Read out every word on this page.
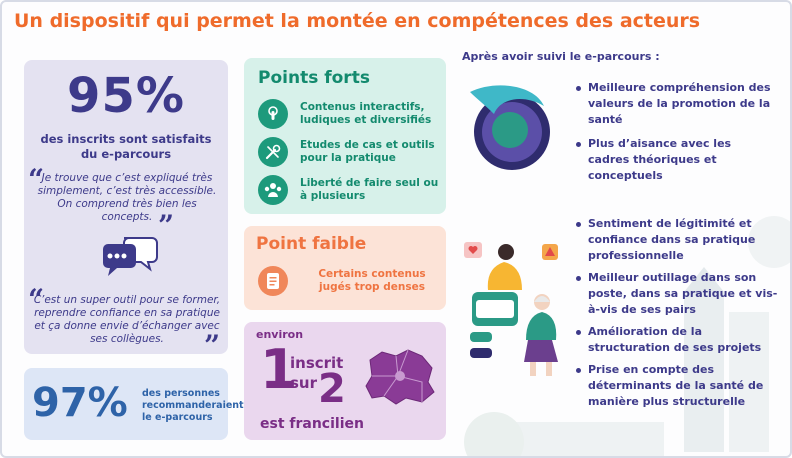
Un dispositif qui permet la montée en compétences des acteurs
95%
des inscrits sont satisfaits du e-parcours
“
Je trouve que c’est expliqué très simplement, c’est très accessible. On comprend très bien les concepts. ”
“
C’est un super outil pour se former, reprendre confiance en sa pratique et ça donne envie d’échanger avec ses collègues.	”
97% des personnes recommanderaient le e-parcours
Points forts
Contenus interactifs, ludiques et diversifiés
Etudes de cas et outils pour la pratique
Liberté de faire seul ou à plusieurs
Point faible
Certains contenus jugés trop denses
environ
1
inscrit
sur 2
est francilien
Après avoir suivi le e-parcours :
Meilleure compréhension des valeurs de la promotion de la santé
Plus d’aisance avec les cadres théoriques et conceptuels
Sentiment de légitimité et confiance dans sa pratique professionnelle
Meilleur outillage dans son poste, dans sa pratique et vis-à-vis de ses pairs
Amélioration de la structuration de ses projets
Prise en compte des déterminants de la santé de manière plus structurelle
